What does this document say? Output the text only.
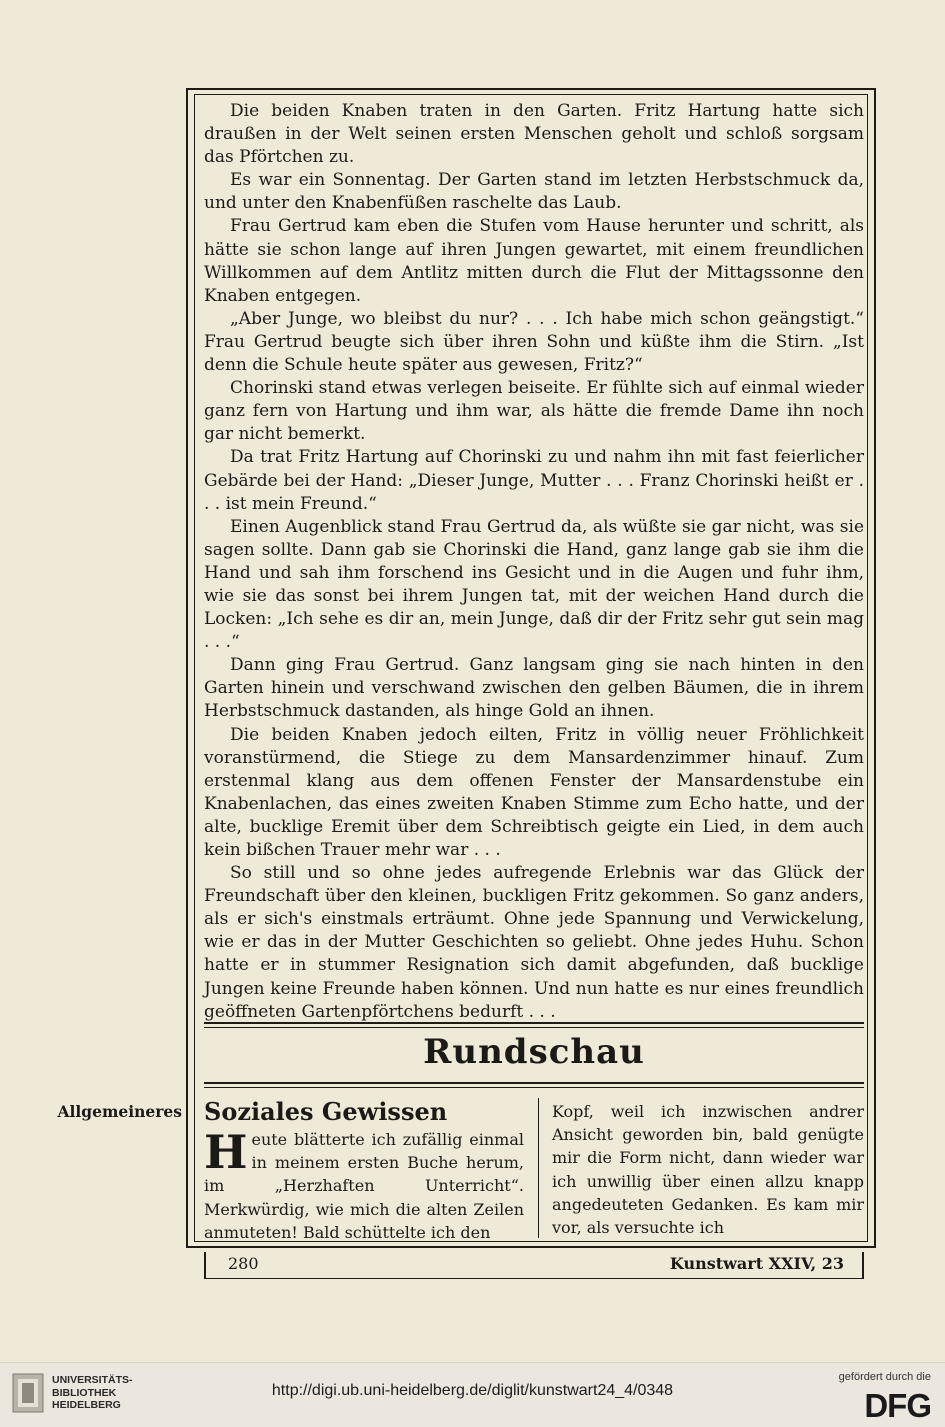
Die beiden Knaben traten in den Garten. Fritz Hartung hatte sich draußen in der Welt seinen ersten Menschen geholt und schloß sorgsam das Pförtchen zu.

Es war ein Sonnentag. Der Garten stand im letzten Herbstschmuck da, und unter den Knabenfüßen raschelte das Laub.

Frau Gertrud kam eben die Stufen vom Hause herunter und schritt, als hätte sie schon lange auf ihren Jungen gewartet, mit einem freundlichen Willkommen auf dem Antlitz mitten durch die Flut der Mittagssonne den Knaben entgegen.

„Aber Junge, wo bleibst du nur? . . . Ich habe mich schon geängstigt.“ Frau Gertrud beugte sich über ihren Sohn und küßte ihm die Stirn. „Ist denn die Schule heute später aus gewesen, Fritz?“

Chorinski stand etwas verlegen beiseite. Er fühlte sich auf einmal wieder ganz fern von Hartung und ihm war, als hätte die fremde Dame ihn noch gar nicht bemerkt.

Da trat Fritz Hartung auf Chorinski zu und nahm ihn mit fast feierlicher Gebärde bei der Hand: „Dieser Junge, Mutter . . . Franz Chorinski heißt er . . . ist mein Freund.“

Einen Augenblick stand Frau Gertrud da, als wüßte sie gar nicht, was sie sagen sollte. Dann gab sie Chorinski die Hand, ganz lange gab sie ihm die Hand und sah ihm forschend ins Gesicht und in die Augen und fuhr ihm, wie sie das sonst bei ihrem Jungen tat, mit der weichen Hand durch die Locken: „Ich sehe es dir an, mein Junge, daß dir der Fritz sehr gut sein mag . . .“

Dann ging Frau Gertrud. Ganz langsam ging sie nach hinten in den Garten hinein und verschwand zwischen den gelben Bäumen, die in ihrem Herbstschmuck dastanden, als hinge Gold an ihnen.

Die beiden Knaben jedoch eilten, Fritz in völlig neuer Fröhlichkeit voranstürmend, die Stiege zu dem Mansardenzimmer hinauf. Zum erstenmal klang aus dem offenen Fenster der Mansardenstube ein Knabenlachen, das eines zweiten Knaben Stimme zum Echo hatte, und der alte, bucklige Eremit über dem Schreibtisch geigte ein Lied, in dem auch kein bißchen Trauer mehr war . . .

So still und so ohne jedes aufregende Erlebnis war das Glück der Freundschaft über den kleinen, buckligen Fritz gekommen. So ganz anders, als er sich's einstmals erträumt. Ohne jede Spannung und Verwickelung, wie er das in der Mutter Geschichten so geliebt. Ohne jedes Huhu. Schon hatte er in stummer Resignation sich damit abgefunden, daß bucklige Jungen keine Freunde haben können. Und nun hatte es nur eines freundlich geöffneten Gartenpförtchens bedurft . . .

Rundschau
Allgemeineres Soziales Gewissen

Heute blätterte ich zufällig einmal in meinem ersten Buche herum, im „Herzhaften Unterricht“. Merkwürdig, wie mich die alten Zeilen anmuteten! Bald schüttelte ich den

Kopf, weil ich inzwischen andrer Ansicht geworden bin, bald genügte mir die Form nicht, dann wieder war ich unwillig über einen allzu knapp angedeuteten Gedanken. Es kam mir vor, als versuchte ich

280	Kunstwart XXIV, 23
UNIVERSITÄTS-
BIBLIOTHEK
HEIDELBERG
http://digi.ub.uni-heidelberg.de/diglit/kunstwart24_4/0348
gefördert durch die
DFG
